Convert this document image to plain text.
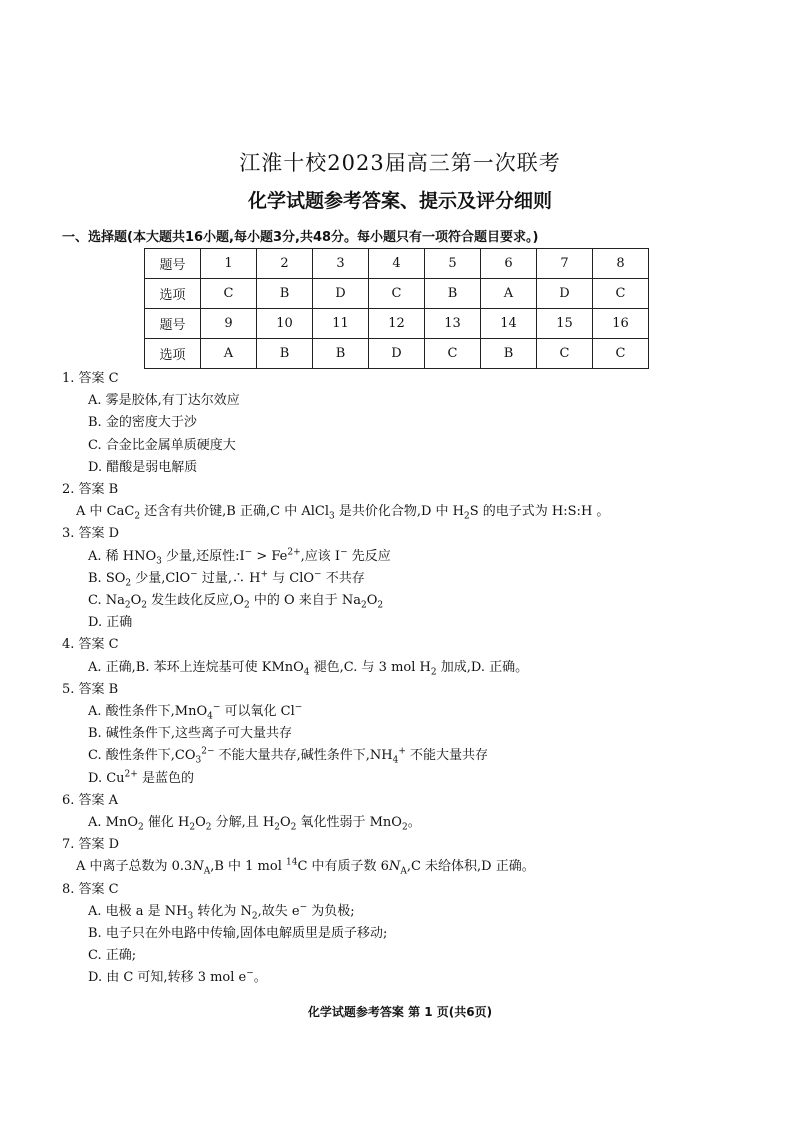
江淮十校2023届高三第一次联考
化学试题参考答案、提示及评分细则
一、选择题(本大题共16小题,每小题3分,共48分。每小题只有一项符合题目要求。)
题号	1	2	3	4	5	6	7	8
选项	C	B	D	C	B	A	D	C
题号	9	10	11	12	13	14	15	16
选项	A	B	B	D	C	B	C	C

1. 答案 C

A. 雾是胶体,有丁达尔效应

B. 金的密度大于沙

C. 合金比金属单质硬度大

D. 醋酸是弱电解质

2. 答案 B

A 中 CaC$_2$ 还含有共价键,B 正确,C 中 AlCl$_3$ 是共价化合物,D 中 $H_2S$ 的电子式为 H:S:H 。

3. 答案 D

A. 稀 $HNO_3$ 少量,还原性:I− > $Fe^{2+}$,应该 I− 先反应

B. $SO_2$ 少量,ClO− 过量,∴ H+ 与 ClO− 不共存

C. $Na_2O_2$ 发生歧化反应$,O_2$ 中的 O 来自于 $Na_2O_2$

D. 正确

4. 答案 C

A. 正确,B. 苯环上连烷基可使 KMnO$_4$ 褪色,C. 与 3 mol $H_2$ 加成,D. 正确。

5. 答案 B

A. 酸性条件下,MnO$_4$− 可以氧化 Cl−

B. 碱性条件下,这些离子可大量共存

C. 酸性条件下$,CO_3^{2-}$ 不能大量共存,碱性条件下$,NH_4^+$ 不能大量共存

D. $Cu^{2+}$ 是蓝色的

6. 答案 A

A. MnO$_2$ 催化 $H_2O_2$ 分解,且 $H_2O_2$ 氧化性弱于 MnO$_2$。

7. 答案 D

A 中离子总数为 $0.3N_A,B$ 中 1 mol $^{14}$C 中有质子数 $6N_A,C$ 未给体积,D 正确。

8. 答案 C

A. 电极 a 是 $NH_3$ 转化为 $N_2$,故失 e− 为负极;

B. 电子只在外电路中传输,固体电解质里是质子移动;

C. 正确;

D. 由 C 可知,转移 3 mol e−。

化学试题参考答案 第 1 页(共6页)
